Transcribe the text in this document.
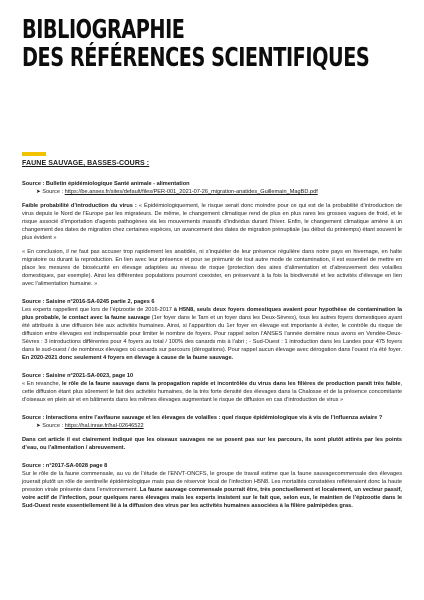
BIBLIOGRAPHIE
DES RÉFÉRENCES SCIENTIFIQUES
FAUNE SAUVAGE, BASSES-COURS :
Source : Bulletin épidémiologique Santé animale - alimentation
➤ Source : https://be.anses.fr/sites/default/files/PER-001_2021-07-26_migration-anatides_Guillemain_MagBD.pdf
Faible probabilité d’introduction du virus : « Épidémiologiquement, le risque serait donc moindre pour ce qui est de la probabilité d’introduction de virus depuis le Nord de l’Europe par les migrateurs. De même, le changement climatique rend de plus en plus rares les grosses vagues de froid, et le risque associé d’importation d’agents pathogènes via les mouvements massifs d’individus durant l’hiver. Enfin, le changement climatique amène à un changement des dates de migration chez certaines espèces, un avancement des dates de migration prénuptiale (au début du printemps) étant souvent le plus évident »
« En conclusion, il ne faut pas accuser trop rapidement les anatidés, ni s’inquiéter de leur présence régulière dans notre pays en hivernage, en halte migratoire ou durant la reproduction. En lien avec leur présence et pour se prémunir de tout autre mode de contamination, il est essentiel de mettre en place les mesures de biosécurité en élevage adaptées au niveau de risque (protection des aires d’alimentation et d’abreuvement des volailles domestiques, par exemple). Ainsi les différentes populations pourront coexister, en préservant à la fois la biodiversité et les activités d’élevage en lien avec l’alimentation humaine. »
Source : Saisine n°2016-SA-0245 partie 2, pages 6
Les experts rappellent que lors de l’épizootie de 2016-2017 à H5N8, seuls deux foyers domestiques avaient pour hypothèse de contamination la plus probable, le contact avec la faune sauvage (1er foyer dans le Tarn et un foyer dans les Deux-Sèvres), tous les autres foyers domestiques ayant été attribués à une diffusion liée aux activités humaines. Ainsi, si l’apparition du 1er foyer en élevage est importante à éviter, le contrôle du risque de diffusion entre élevages est indispensable pour limiter le nombre de foyers. Pour rappel selon l’ANSES l’année dernière nous avons en Vendée-Deux-Sèvres : 3 introductions différentes pour 4 foyers au total / 100% des canards mis à l’abri ; - Sud-Ouest : 1 introduction dans les Landes pour 475 foyers dans le sud-ouest / de nombreux élevages où canards sur parcours (dérogations). Pour rappel aucun élevage avec dérogation dans l’ouest n’a été foyer. En 2020-2021 donc seulement 4 foyers en élevage à cause de la faune sauvage.
Source : Saisine n°2021-SA-0023, page 10
« En revanche, le rôle de la faune sauvage dans la propagation rapide et incontrôlée du virus dans les filières de production paraît très faible, cette diffusion étant plus sûrement le fait des activités humaines, de la très forte densité des élevages dans la Chalosse et de la présence concomitante d’oiseaux en plein air et en bâtiments dans les mêmes élevages augmentant le risque de diffusion en cas d’introduction de virus »
Source : Interactions entre l’avifaune sauvage et les élevages de volailles : quel risque épidémiologique vis à vis de l’influenza aviaire ?
➤ Source : https://hal.inrae.fr/hal-02646522
Dans cet article il est clairement indiqué que les oiseaux sauvages ne se posent pas sur les parcours, ils sont plutôt attirés par les points d’eau, ou l’alimentation / abreuvement.
Source : n°2017-SA-0028 page 8
Sur le rôle de la faune commensale, au vu de l’étude de l’ENVT-ONCFS, le groupe de travail estime que la faune sauvagecommensale des élevages jouerait plutôt un rôle de sentinelle épidémiologique mais pas de réservoir local de l’infection H5N8. Les mortalités constatées refléteraient donc la haute pression virale présente dans l’environnement. La faune sauvage commensale pourrait être, très ponctuellement et localement, un vecteur passif, voire actif de l’infection, pour quelques rares élevages mais les experts insistent sur le fait que, selon eux, le maintien de l’épizootie dans le Sud-Ouest reste essentiellement lié à la diffusion des virus par les activités humaines associées à la filière palmipèdes gras.
